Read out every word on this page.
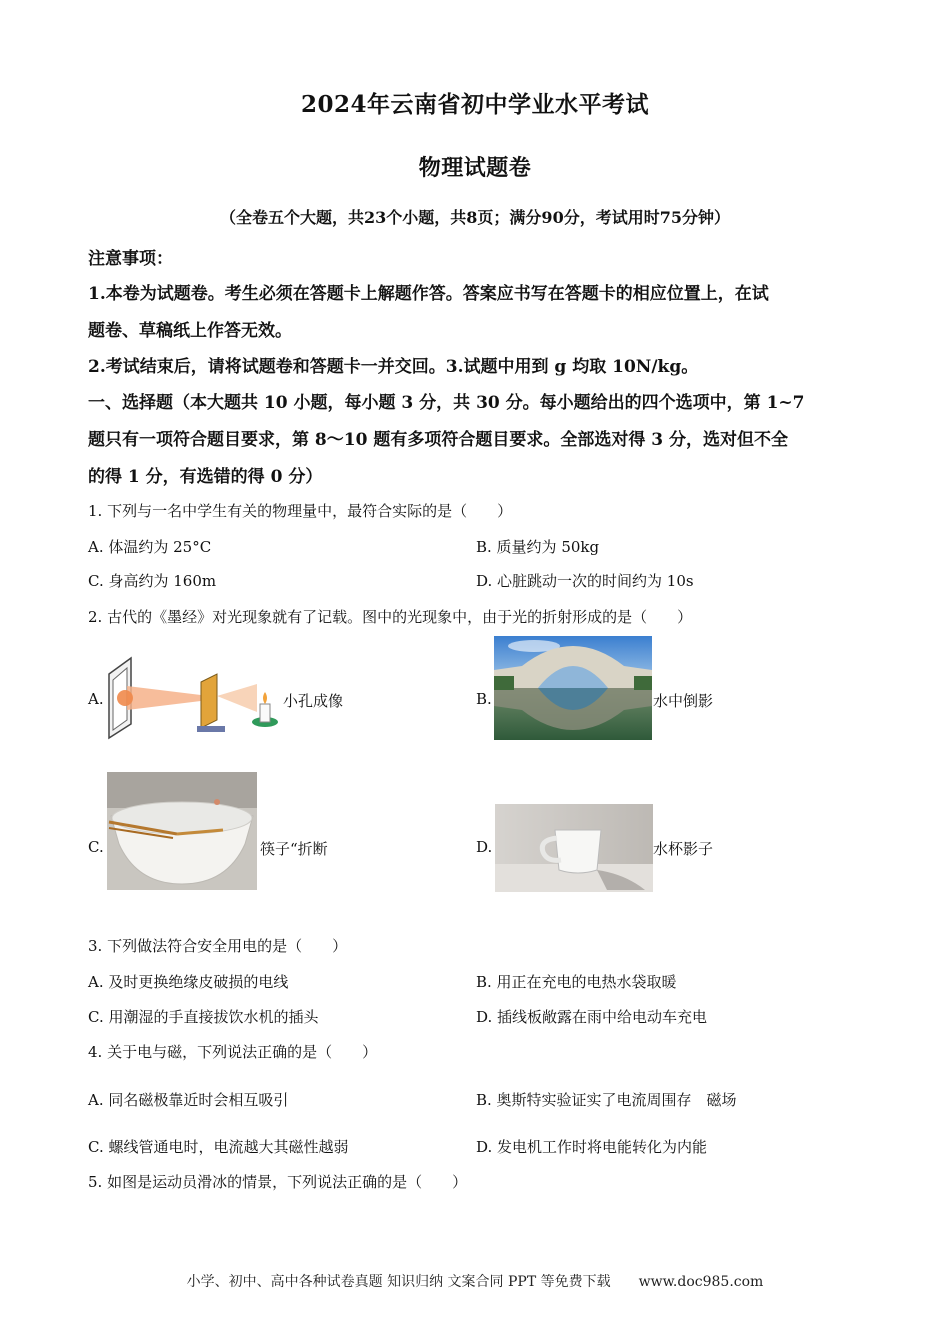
2024年云南省初中学业水平考试
物理试题卷
（全卷五个大题，共23个小题，共8页；满分90分，考试用时75分钟）
注意事项：
1.本卷为试题卷。考生必须在答题卡上解题作答。答案应书写在答题卡的相应位置上，在试
题卷、草稿纸上作答无效。
2.考试结束后，请将试题卷和答题卡一并交回。3.试题中用到 g 均取 10N/kg。
一、选择题（本大题共 10 小题，每小题 3 分，共 30 分。每小题给出的四个选项中，第 1~7
题只有一项符合题目要求，第 8～10 题有多项符合题目要求。全部选对得 3 分，选对但不全
的得 1 分，有选错的得 0 分）
1. 下列与一名中学生有关的物理量中，最符合实际的是（　　）
A. 体温约为 25°C	B. 质量约为 50kg
C. 身高约为 160m	D. 心脏跳动一次的时间约为 10s
2. 古代的《墨经》对光现象就有了记载。图中的光现象中，由于光的折射形成的是（　　）
A.	小孔成像	B.	水中倒影
C.	筷子“折断	D.	水杯影子
3. 下列做法符合安全用电的是（　　）
A. 及时更换绝缘皮破损的电线	B. 用正在充电的电热水袋取暖
C. 用潮湿的手直接拔饮水机的插头	D. 插线板敞露在雨中给电动车充电
4. 关于电与磁，下列说法正确的是（　　）
A. 同名磁极靠近时会相互吸引	B. 奥斯特实验证实了电流周围存　磁场
C. 螺线管通电时，电流越大其磁性越弱	D. 发电机工作时将电能转化为内能
5. 如图是运动员滑冰的情景，下列说法正确的是（　　）
小学、初中、高中各种试卷真题 知识归纳 文案合同 PPT 等免费下载　　www.doc985.com
